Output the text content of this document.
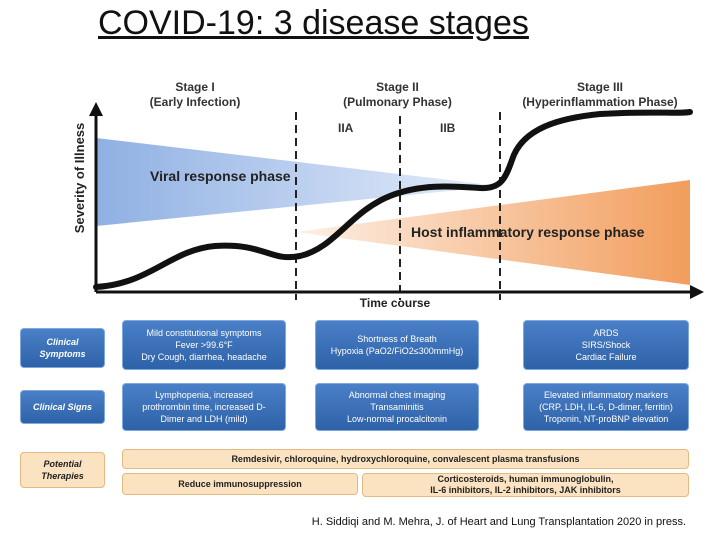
COVID-19: 3 disease stages
Stage I
(Early Infection)
Stage II
(Pulmonary Phase)
Stage III
(Hyperinflammation Phase)
IIA	IIB
Severity of Illness	Viral response phase
Host inflammatory response phase
Time course
Clinical
Symptoms
Mild constitutional symptoms
Fever >99.6°F
Dry Cough, diarrhea, headache
Shortness of Breath
Hypoxia (PaO2/FiO2≤300mmHg)
ARDS
SIRS/Shock
Cardiac Failure
Clinical Signs
Lymphopenia, increased
prothrombin time, increased D-
Dimer and LDH (mild)
Abnormal chest imaging
Transaminitis
Low-normal procalcitonin
Elevated inflammatory markers
(CRP, LDH, IL-6, D-dimer, ferritin)
Troponin, NT-proBNP elevation
Potential
Therapies
Remdesivir, chloroquine, hydroxychloroquine, convalescent plasma transfusions
Reduce immunosuppression	Corticosteroids, human immunoglobulin,
IL-6 inhibitors, IL-2 inhibitors, JAK inhibitors
H. Siddiqi and M. Mehra, J. of Heart and Lung Transplantation 2020 in press.
